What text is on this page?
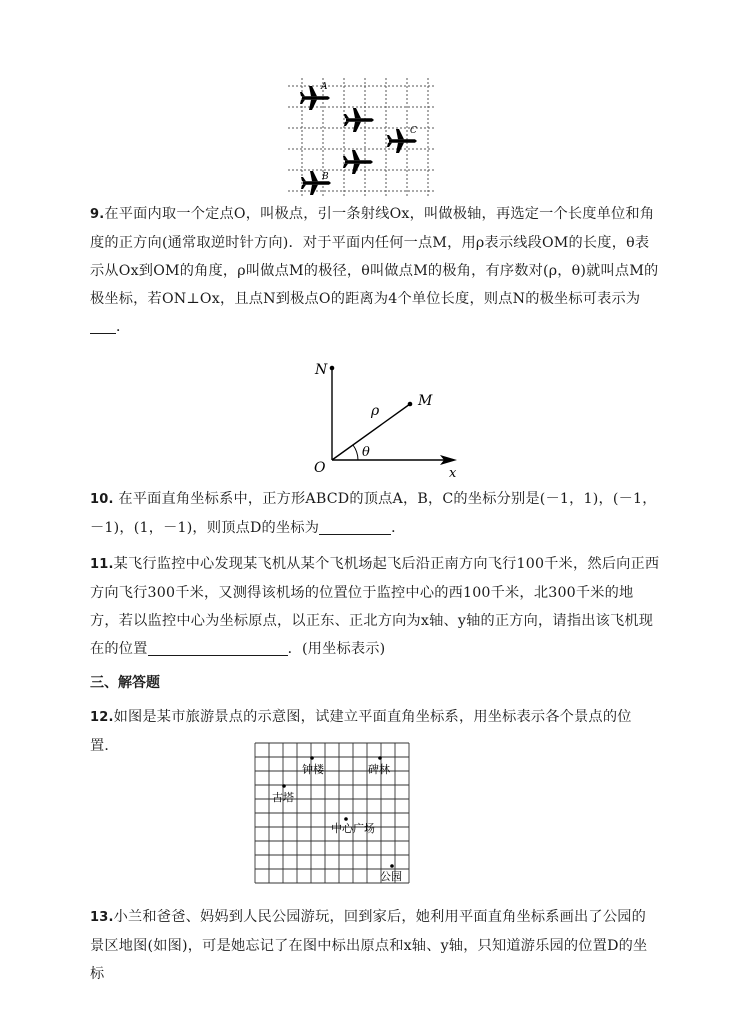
A
C
B
9.在平面内取一个定点O，叫极点，引一条射线Ox，叫做极轴，再选定一个长度单位和角度的正方向(通常取逆时针方向)．对于平面内任何一点M，用ρ表示线段OM的长度，θ表示从Ox到OM的角度，ρ叫做点M的极径，θ叫做点M的极角，有序数对(ρ，θ)就叫点M的极坐标，若ON⊥Ox，且点N到极点O的距离为4个单位长度，则点N的极坐标可表示为．
N
O	x
M
ρ
θ
10. 在平面直角坐标系中，正方形ABCD的顶点A，B，C的坐标分别是(－1，1)，(－1，－1)，(1，－1)，则顶点D的坐标为	．
11.某飞行监控中心发现某飞机从某个飞机场起飞后沿正南方向飞行100千米，然后向正西方向飞行300千米，又测得该机场的位置位于监控中心的西100千米，北300千米的地方，若以监控中心为坐标原点，以正东、正北方向为x轴、y轴的正方向，请指出该飞机现在的位置	．(用坐标表示)
三、解答题
12.如图是某市旅游景点的示意图，试建立平面直角坐标系，用坐标表示各个景点的位置．
钟楼	碑林
古塔
中心广场
公园
13.小兰和爸爸、妈妈到人民公园游玩，回到家后，她利用平面直角坐标系画出了公园的景区地图(如图)，可是她忘记了在图中标出原点和x轴、y轴，只知道游乐园的位置D的坐标
